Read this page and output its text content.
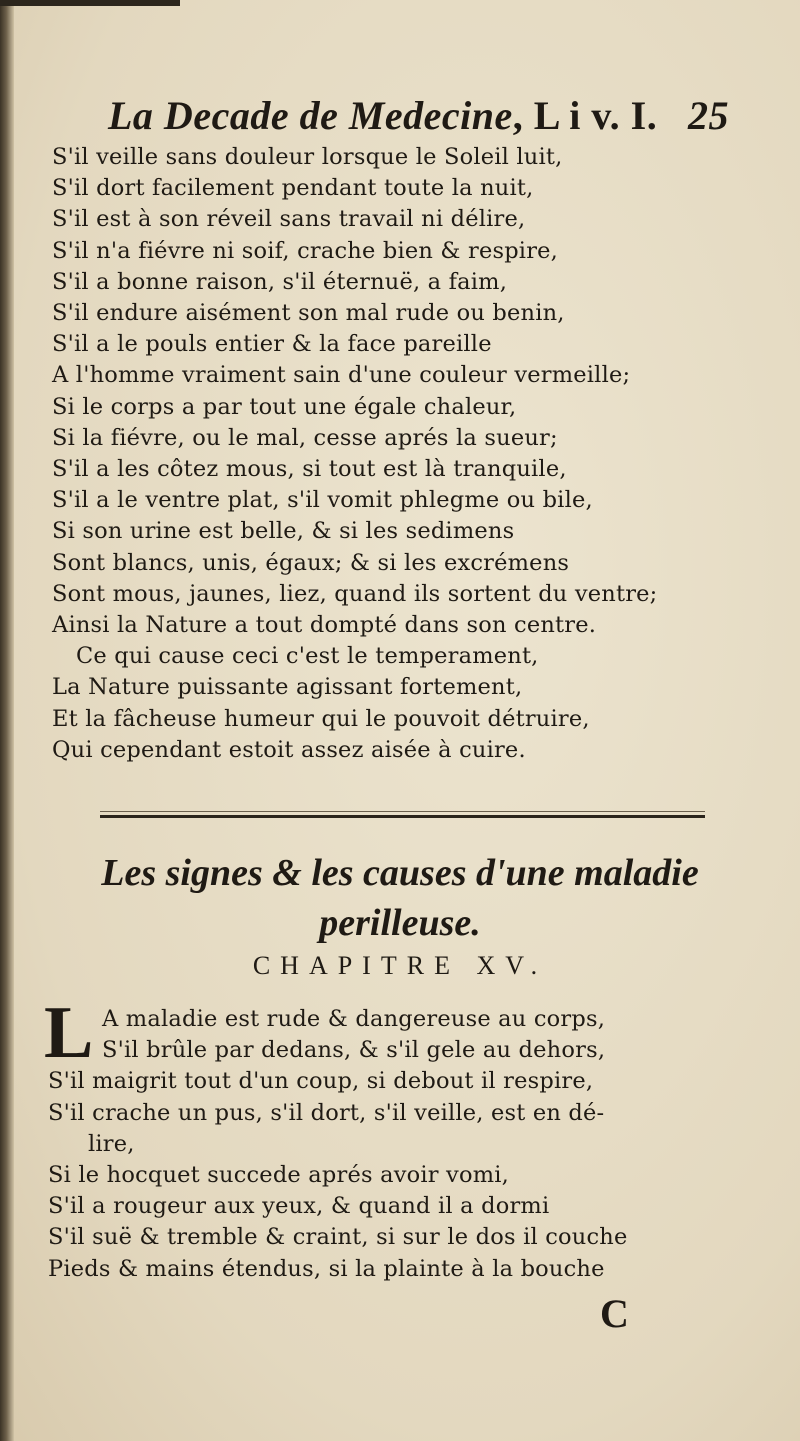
La Decade de Medecine, L i v. I. 25
S'il veille sans douleur lorsque le Soleil luit,
S'il dort facilement pendant toute la nuit,
S'il est à son réveil sans travail ni délire,
S'il n'a fiévre ni soif, crache bien & respire,
S'il a bonne raison, s'il éternuë, a faim,
S'il endure aisément son mal rude ou benin,
S'il a le pouls entier & la face pareille
A l'homme vraiment sain d'une couleur vermeille;
Si le corps a par tout une égale chaleur,
Si la fiévre, ou le mal, cesse aprés la sueur;
S'il a les côtez mous, si tout est là tranquile,
S'il a le ventre plat, s'il vomit phlegme ou bile,
Si son urine est belle, & si les sedimens
Sont blancs, unis, égaux; & si les excrémens
Sont mous, jaunes, liez, quand ils sortent du ventre;
Ainsi la Nature a tout dompté dans son centre.
Ce qui cause ceci c'est le temperament,
La Nature puissante agissant fortement,
Et la fâcheuse humeur qui le pouvoit détruire,
Qui cependant estoit assez aisée à cuire.
Les signes & les causes d'une maladie
perilleuse.
CHAPITRE XV.
L A maladie est rude & dangereuse au corps,
S'il brûle par dedans, & s'il gele au dehors,
S'il maigrit tout d'un coup, si debout il respire,
S'il crache un pus, s'il dort, s'il veille, est en dé-
lire,
Si le hocquet succede aprés avoir vomi,
S'il a rougeur aux yeux, & quand il a dormi
S'il suë & tremble & craint, si sur le dos il couche
Pieds & mains étendus, si la plainte à la bouche
C
